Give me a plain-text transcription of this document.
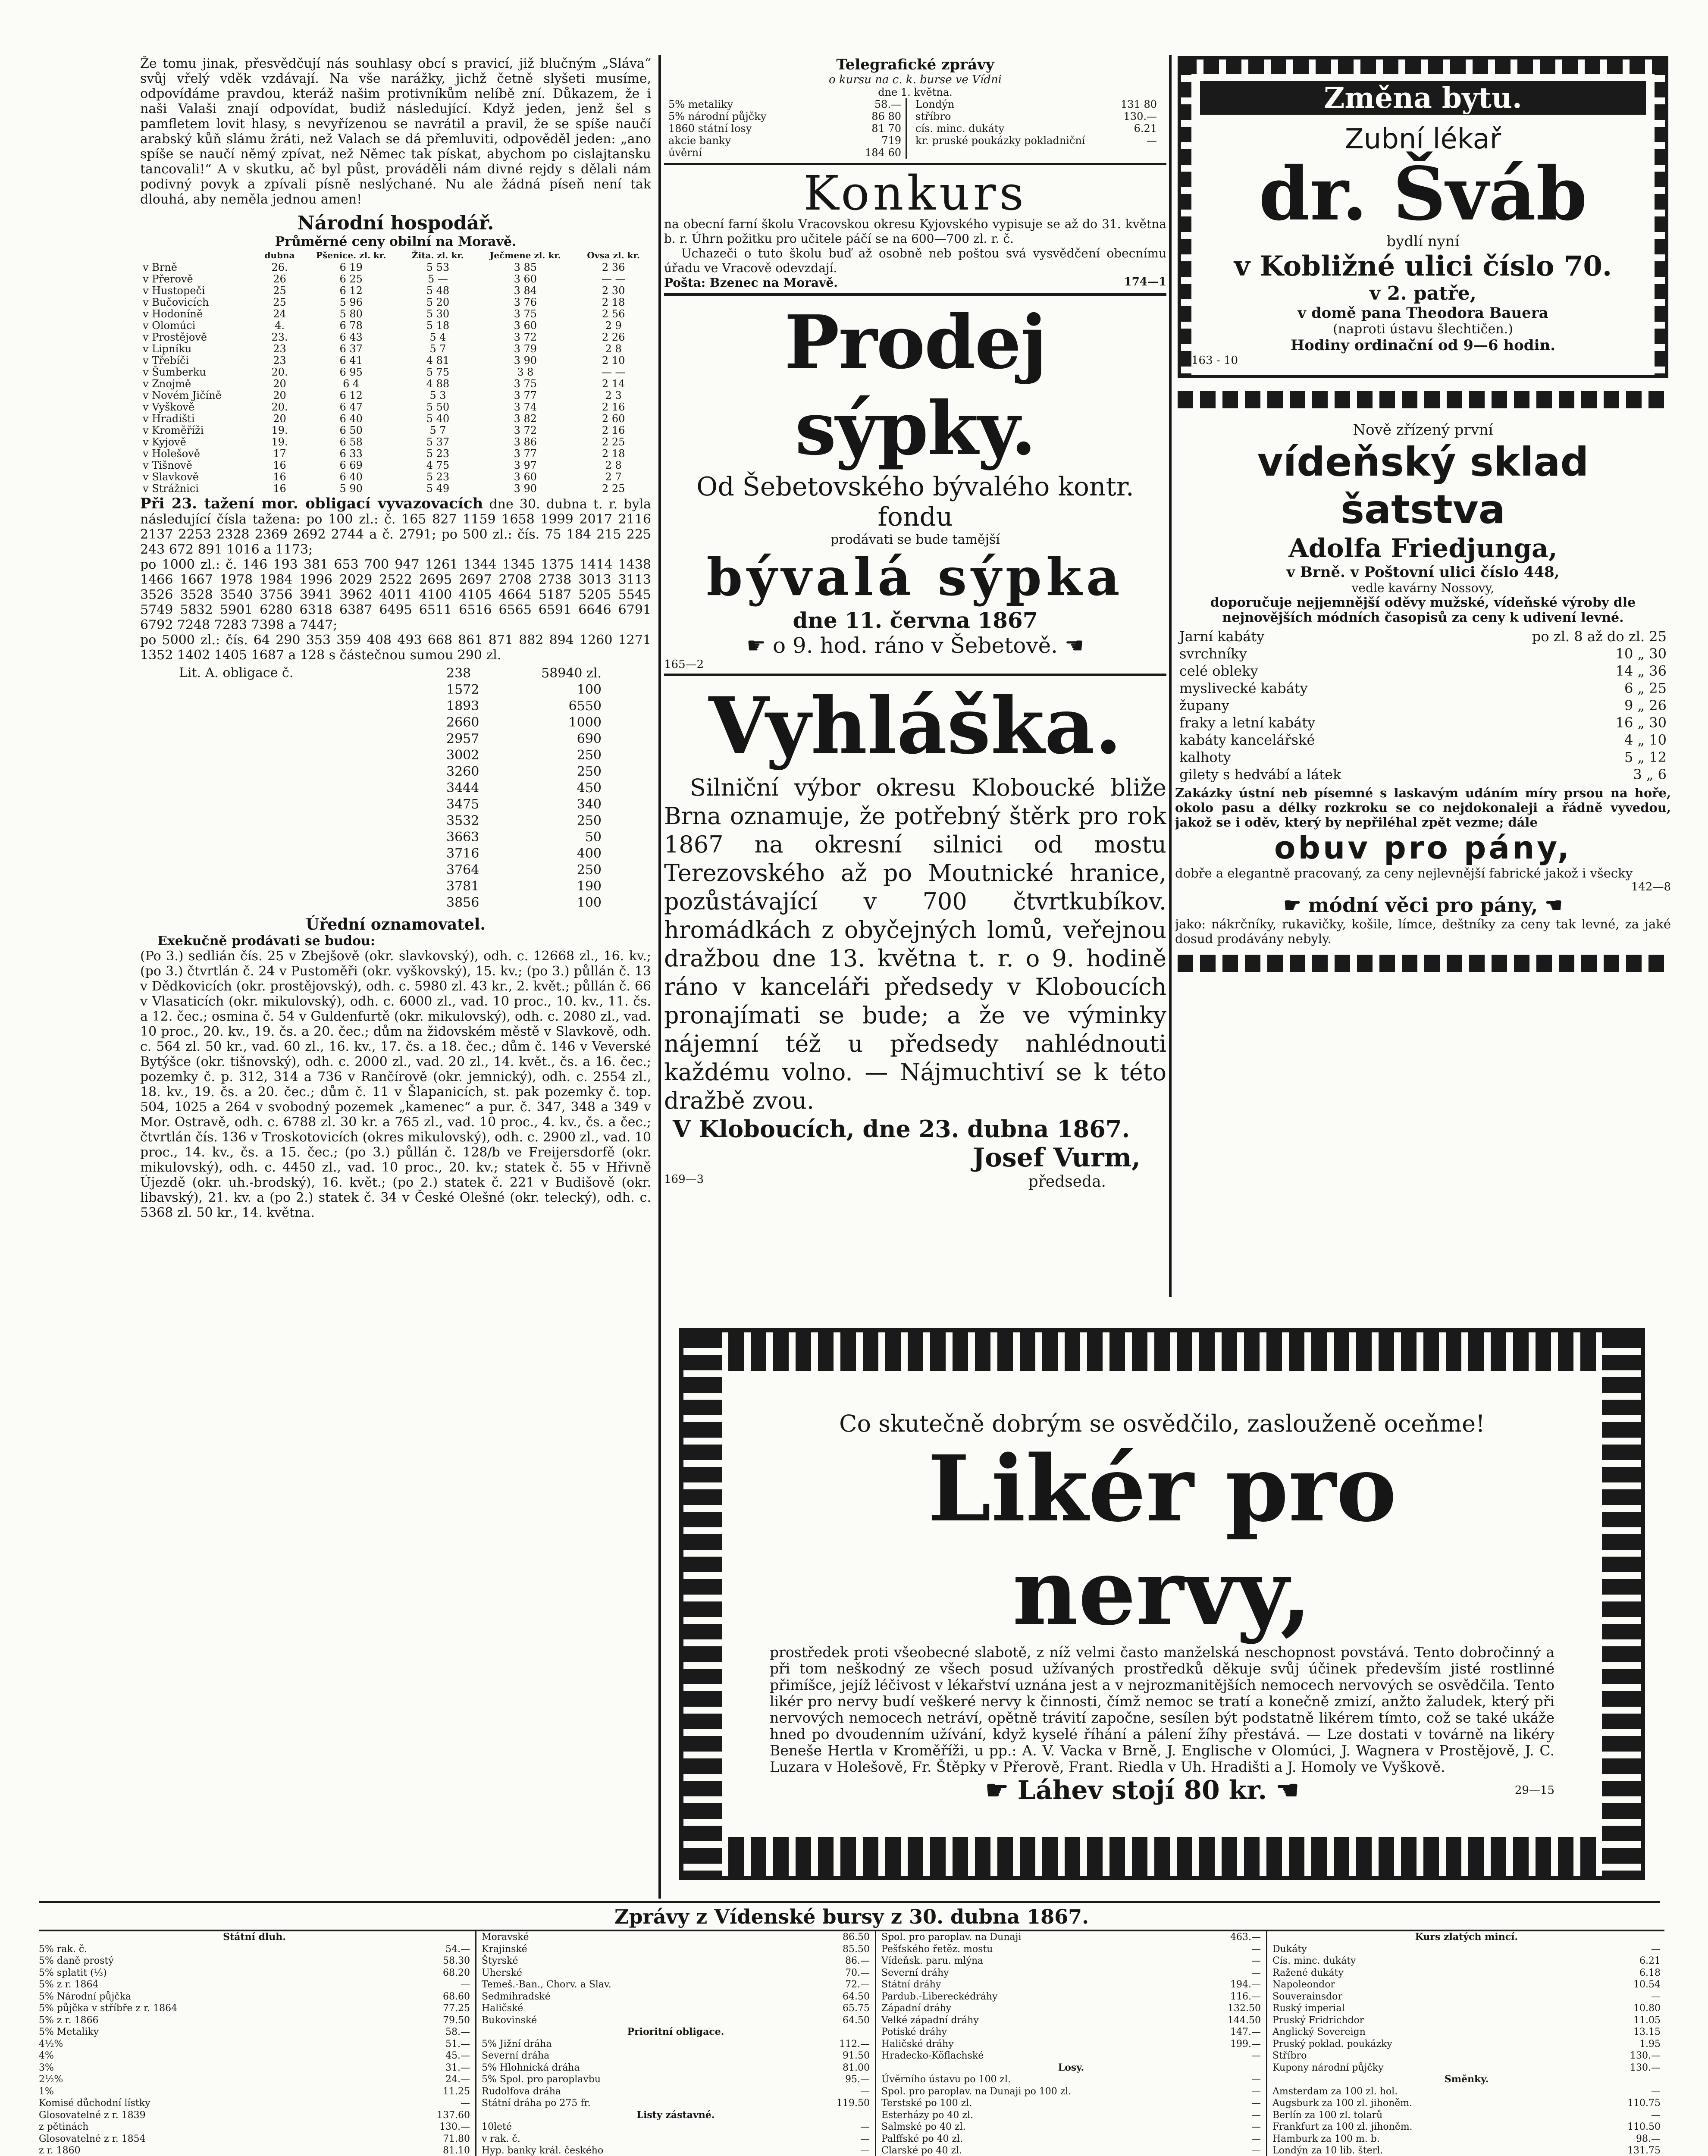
Že tomu jinak, přesvědčují nás souhlasy obcí s pravicí, již blučným „Sláva“ svůj vřelý vděk vzdávají. Na vše narážky, jichž četně slyšeti musíme, odpovídáme pravdou, kteráž našim protivníkům nelíbě zní. Důkazem, že i naši Valaši znají odpovídat, budiž následující. Když jeden, jenž šel s pamfletem lovit hlasy, s nevyřízenou se navrátil a pravil, že se spíše naučí arabský kůň slámu žráti, než Valach se dá přemluviti, odpověděl jeden: „ano spíše se naučí němý zpívat, než Němec tak pískat, abychom po cislajtansku tancovali!“ A v skutku, ač byl půst, prováděli nám divné rejdy s dělali nám podivný povyk a zpívali písně neslýchané. Nu ale žádná píseň není tak dlouhá, aby neměla jednou amen!

Národní hospodář.
Průměrné ceny obilní na Moravě.
	dubna	Pšenice. zl. kr.	Žita. zl. kr.	Ječmene zl. kr.	Ovsa zl. kr.
v Brně	26.	6 19	5 53	3 85	2 36
v Přerově	26	6 25	5 —	3 60	— —
v Hustopeči	25	6 12	5 48	3 84	2 30
v Bučovicích	25	5 96	5 20	3 76	2 18
v Hodoníně	24	5 80	5 30	3 75	2 56
v Olomúci	4.	6 78	5 18	3 60	2 9
v Prostějově	23.	6 43	5 4	3 72	2 26
v Lipníku	23	6 37	5 7	3 79	2 8
v Třebíči	23	6 41	4 81	3 90	2 10
v Šumberku	20.	6 95	5 75	3 8	— —
v Znojmě	20	6 4	4 88	3 75	2 14
v Novém Jičíně	20	6 12	5 3	3 77	2 3
v Vyškově	20.	6 47	5 50	3 74	2 16
v Hradišti	20	6 40	5 40	3 82	2 60
v Kroměříži	19.	6 50	5 7	3 72	2 16
v Kyjově	19.	6 58	5 37	3 86	2 25
v Holešově	17	6 33	5 23	3 77	2 18
v Tišnově	16	6 69	4 75	3 97	2 8
v Slavkově	16	6 40	5 23	3 60	2 7
v Strážnici	16	5 90	5 49	3 90	2 25

Při 23. tažení mor. obligací vyvazovacích dne 30. dubna t. r. byla následující čísla tažena: po 100 zl.: č. 165 827 1159 1658 1999 2017 2116 2137 2253 2328 2369 2692 2744 a č. 2791; po 500 zl.: čís. 75 184 215 225 243 672 891 1016 a 1173;

po 1000 zl.: č. 146 193 381 653 700 947 1261 1344 1345 1375 1414 1438 1466 1667 1978 1984 1996 2029 2522 2695 2697 2708 2738 3013 3113 3526 3528 3540 3756 3941 3962 4011 4100 4105 4664 5187 5205 5545 5749 5832 5901 6280 6318 6387 6495 6511 6516 6565 6591 6646 6791 6792 7248 7283 7398 a 7447;

po 5000 zl.: čís. 64 290 353 359 408 493 668 861 871 882 894 1260 1271 1352 1402 1405 1687 a 128 s částečnou sumou 290 zl.

Lit. A. obligace č.	238	58940 zl.
1572	100
1893	6550
2660	1000
2957	690
3002	250
3260	250
3444	450
3475	340
3532	250
3663	50
3716	400
3764	250
3781	190
3856	100
Úřední oznamovatel.

Exekučně prodávati se budou:

(Po 3.) sedlián čís. 25 v Zbejšově (okr. slavkovský), odh. c. 12668 zl., 16. kv.; (po 3.) čtvrtlán č. 24 v Pustoměři (okr. vyškovský), 15. kv.; (po 3.) půllán č. 13 v Dědkovicích (okr. prostějovský), odh. c. 5980 zl. 43 kr., 2. květ.; půllán č. 66 v Vlasaticích (okr. mikulovský), odh. c. 6000 zl., vad. 10 proc., 10. kv., 11. čs. a 12. čec.; osmina č. 54 v Guldenfurtě (okr. mikulovský), odh. c. 2080 zl., vad. 10 proc., 20. kv., 19. čs. a 20. čec.; dům na židovském městě v Slavkově, odh. c. 564 zl. 50 kr., vad. 60 zl., 16. kv., 17. čs. a 18. čec.; dům č. 146 v Veverské Bytýšce (okr. tišnovský), odh. c. 2000 zl., vad. 20 zl., 14. květ., čs. a 16. čec.; pozemky č. p. 312, 314 a 736 v Rančírově (okr. jemnický), odh. c. 2554 zl., 18. kv., 19. čs. a 20. čec.; dům č. 11 v Šlapanicích, st. pak pozemky č. top. 504, 1025 a 264 v svobodný pozemek „kamenec“ a pur. č. 347, 348 a 349 v Mor. Ostravě, odh. c. 6788 zl. 30 kr. a 765 zl., vad. 10 proc., 4. kv., čs. a čec.; čtvrtlán čís. 136 v Troskotovicích (okres mikulovský), odh. c. 2900 zl., vad. 10 proc., 14. kv., čs. a 15. čec.; (po 3.) půllán č. 128/b ve Freijersdorfě (okr. mikulovský), odh. c. 4450 zl., vad. 10 proc., 20. kv.; statek č. 55 v Hřivně Újezdě (okr. uh.-brodský), 16. květ.; (po 2.) statek č. 221 v Budišově (okr. libavský), 21. kv. a (po 2.) statek č. 34 v České Olešné (okr. telecký), odh. c. 5368 zl. 50 kr., 14. května.

Telegrafické zprávy
o kursu na c. k. burse ve Vídni
dne 1. května.
5% metaliky	58.—
5% národní půjčky	86 80
1860 státní losy	81 70
akcie banky	719
úvěrní	184 60
Londýn	131 80
stříbro	130.—
cís. minc. dukáty	6.21
kr. pruské poukázky pokladniční	—
Konkurs

na obecní farní školu Vracovskou okresu Kyjovského vypisuje se až do 31. května b. r. Úhrn požitku pro učitele páčí se na 600—700 zl. r. č.

Uchazeči o tuto školu buď až osobně neb poštou svá vysvědčení obecnímu úřadu ve Vracově odevzdají.

Pošta: Bzenec na Moravě.	174—1
Prodej sýpky.
Od Šebetovského bývalého kontr. fondu
prodávati se bude tamější
bývalá sýpka
dne 11. června 1867
☛ o 9. hod. ráno v Šebetově. ☚
165—2
Vyhláška.

Silniční výbor okresu Kloboucké bliže Brna oznamuje, že potřebný štěrk pro rok 1867 na okresní silnici od mostu Terezovského až po Moutnické hranice, pozůstávající v 700 čtvrtkubíkov. hromádkách z obyčejných lomů, veřejnou dražbou dne 13. května t. r. o 9. hodině ráno v kanceláři předsedy v Kloboucích pronajímati se bude; a že ve výminky nájemní též u předsedy nahlédnouti každému volno. — Nájmuchtiví se k této dražbě zvou.

V Kloboucích, dne 23. dubna 1867.
Josef Vurm,
169—3	předseda.
Změna bytu.
Zubní lékař
dr. Šváb
bydlí nyní
v Kobližné ulici číslo 70.
v 2. patře,
v domě pana Theodora Bauera
(naproti ústavu šlechtičen.)
Hodiny ordinační od 9—6 hodin.
163 - 10
Nově zřízený první
vídeňský sklad šatstva
Adolfa Friedjunga,
v Brně. v Poštovní ulici číslo 448,
vedle kavárny Nossovy,

doporučuje nejjemnější oděvy mužské, vídeňské výroby dle nejnovějších módních časopisů za ceny k udivení levné.

Jarní kabáty	po zl. 8 až do zl. 25
svrchníky	10 „ 30
celé obleky	14 „ 36
myslivecké kabáty	6 „ 25
župany	9 „ 26
fraky a letní kabáty	16 „ 30
kabáty kancelářské	4 „ 10
kalhoty	5 „ 12
gilety s hedvábí a látek	3 „ 6

Zakázky ústní neb písemné s laskavým udáním míry prsou na hoře, okolo pasu a délky rozkroku se co nejdokonaleji a řádně vyvedou, jakož se i oděv, který by nepřiléhal zpět vezme; dále

obuv pro pány,

dobře a elegantně pracovaný, za ceny nejlevnější fabrické jakož i všecky

142—8
☛ módní věci pro pány, ☚

jako: nákrčníky, rukavičky, košile, límce, deštníky za ceny tak levné, za jaké dosud prodávány nebyly.

Co skutečně dobrým se osvědčilo, zaslouženě oceňme!
Likér pro nervy,

prostředek proti všeobecné slabotě, z níž velmi často manželská neschopnost povstává. Tento dobročinný a při tom neškodný ze všech posud užívaných prostředků děkuje svůj účinek především jisté rostlinné přimíšce, jejíž léčivost v lékařství uznána jest a v nejrozmanitějších nemocech nervových se osvědčila. Tento likér pro nervy budí veškeré nervy k činnosti, čímž nemoc se tratí a konečně zmizí, anžto žaludek, který při nervových nemocech netráví, opětně trávití započne, sesílen být podstatně likérem tímto, což se také ukáže hned po dvoudenním užívání, když kyselé říhání a pálení žíhy přestává. — Lze dostati v továrně na likéry Beneše Hertla v Kroměříži, u pp.: A. V. Vacka v Brně, J. Englische v Olomúci, J. Wagnera v Prostějově, J. C. Luzara v Holešově, Fr. Štěpky v Přerově, Frant. Riedla v Uh. Hradišti a J. Homoly ve Vyškově.

☛ Láhev stojí 80 kr. ☚	29—15
Zprávy z Vídenské bursy z 30. dubna 1867.
Státní dluh.
5% rak. č.	54.—
5% daně prostý	58.30
5% splatit (⅓)	68.20
5% z r. 1864	—
5% Národní půjčka	68.60
5% půjčka v stříbře z r. 1864	77.25
5% z r. 1866	79.50
5% Metaliky	58.—
4½%	51.—
4%	45.—
3%	31.—
2½%	24.—
1%	11.25
Komisé důchodní lístky	—
Glosovatelné z r. 1839	137.60
z pětinách	130.—
Glosovatelné z r. 1854	71.80
z r. 1860	81.10
Moravské	86.50
Krajinské	85.50
Štyrské	86.—
Uherské	70.—
Temeš.-Ban., Chorv. a Slav.	72.—
Sedmihradské	64.50
Haličské	65.75
Bukovinské	64.50
Prioritní obligace.
5% Jižní dráha	112.—
Severní dráha	91.50
5% Hlohnická dráha	81.00
5% Spol. pro paroplavbu	95.—
Rudolfova dráha	—
Státní dráha po 275 fr.	119.50
Listy zástavné.
10leté	—
v rak. č.	—
Hyp. banky král. českého	—
Spol. pro paroplav. na Dunaji	463.—
Pešťského řetěz. mostu	—
Vídeňsk. paru. mlýna	—
Severní dráhy	—
Státní dráhy	194.—
Pardub.-Libereckédráhy	116.—
Západní dráhy	132.50
Velké západní dráhy	144.50
Potiské dráhy	147.—
Haličské dráhy	199.—
Hradecko-Köflachské	—
Losy.
Úvěrního ústavu po 100 zl.	—
Spol. pro paroplav. na Dunaji po 100 zl.	—
Terstské po 100 zl.	—
Esterházy po 40 zl.	—
Salmské po 40 zl.	—
Palffské po 40 zl.	—
Clarské po 40 zl.	—
Kurs zlatých mincí.
Dukáty	—
Cís. minc. dukáty	6.21
Ražené dukáty	6.18
Napoleondor	10.54
Souverainsdor	—
Ruský imperial	10.80
Pruský Fridrichdor	11.05
Anglický Sovereign	13.15
Pruský poklad. poukázky	1.95
Stříbro	130.—
Kupony národní půjčky	130.—
Směnky.
Amsterdam za 100 zl. hol.	—
Augsburk za 100 zl. jihoněm.	110.75
Berlín za 100 zl. tolarů	—
Frankfurt za 100 zl. jihoněm.	110.50
Hamburk za 100 m. b.	98.—
Londýn za 10 lib. šterl.	131.75
